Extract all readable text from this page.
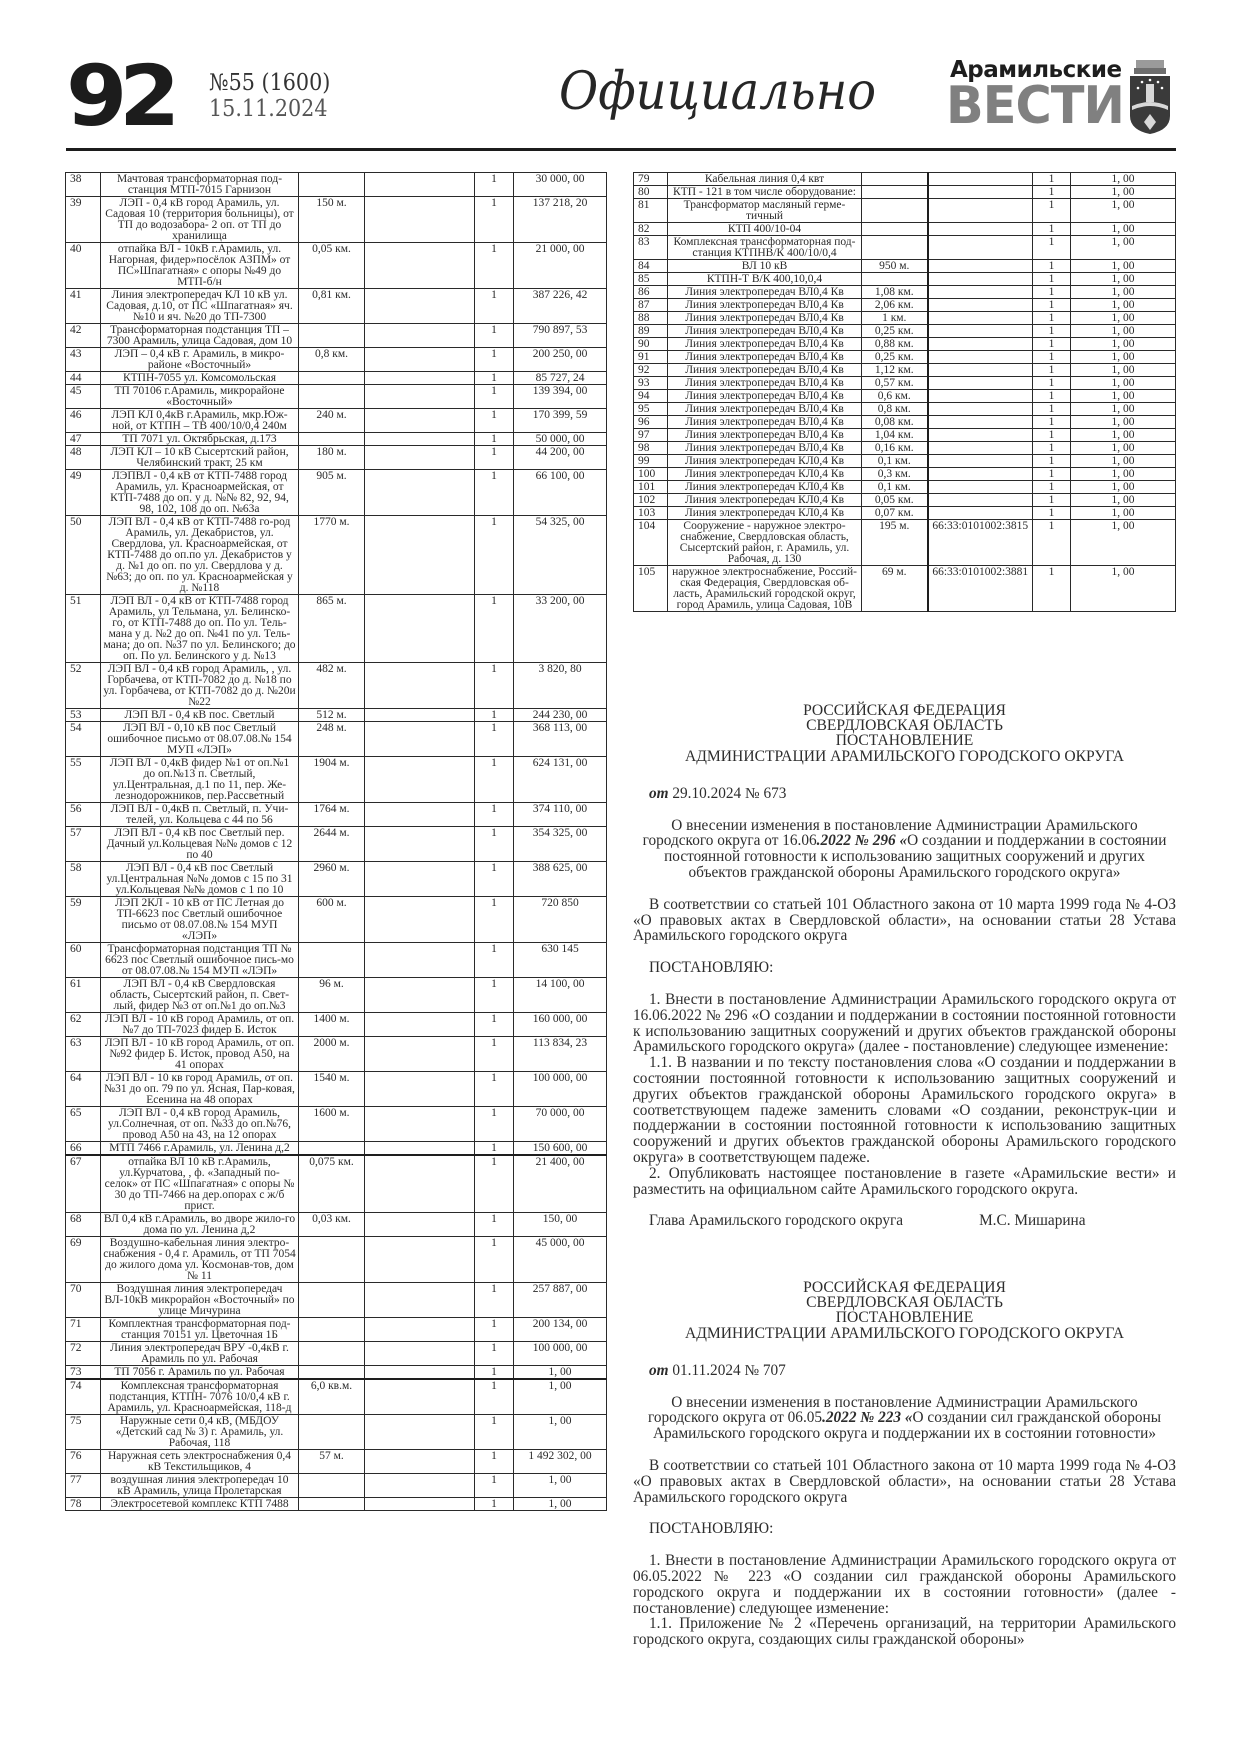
92 №55 (1600)
15.11.2024	Официально	Арамильские
ВЕСТИ
38	Мачтовая трансформаторная под-станция МТП-7015 Гарнизон			1	30 000, 00
39	ЛЭП - 0,4 кВ город Арамиль, ул. Садовая 10 (территория больницы), от ТП до водозабора- 2 оп. от ТП до хранилища	150 м.		1	137 218, 20
40	отпайка ВЛ - 10кВ г.Арамиль, ул. Нагорная, фидер»посёлок АЗПМ» от ПС»Шпагатная» с опоры №49 до МТП-б/н	0,05 км.		1	21 000, 00
41	Линия электропередач КЛ 10 кВ ул. Садовая, д.10, от ПС «Шпагатная» яч. №10 и яч. №20 до ТП-7300	0,81 км.		1	387 226, 42
42	Трансформаторная подстанция ТП – 7300 Арамиль, улица Садовая, дом 10			1	790 897, 53
43	ЛЭП – 0,4 кВ г. Арамиль, в микро-районе «Восточный»	0,8 км.		1	200 250, 00
44	КТПН-7055 ул. Комсомольская			1	85 727, 24
45	ТП 70106 г.Арамиль, микрорайоне «Восточный»			1	139 394, 00
46	ЛЭП КЛ 0,4кВ г.Арамиль, мкр.Юж-ной, от КТПН – ТВ 400/10/0,4 240м	240 м.		1	170 399, 59
47	ТП 7071 ул. Октябрьская, д.173			1	50 000, 00
48	ЛЭП КЛ – 10 кВ Сысертский район, Челябинский тракт, 25 км	180 м.		1	44 200, 00
49	ЛЭПВЛ - 0,4 кВ от КТП-7488 город Арамиль, ул. Красноармейская, от КТП-7488 до оп. у д. №№ 82, 92, 94, 98, 102, 108 до оп. №63а	905 м.		1	66 100, 00
50	ЛЭП ВЛ - 0,4 кВ от КТП-7488 го-род Арамиль, ул. Декабристов, ул. Свердлова, ул. Красноармейская, от КТП-7488 до оп.по ул. Декабристов у д. №1 до оп. по ул. Свердлова у д. №63; до оп. по ул. Красноармейская у д. №118	1770 м.		1	54 325, 00
51	ЛЭП ВЛ - 0,4 кВ от КТП-7488 город Арамиль, ул Тельмана, ул. Белинско-го, от КТП-7488 до оп. По ул. Тель-мана у д. №2 до оп. №41 по ул. Тель-мана; до оп. №37 по ул. Белинского; до оп. По ул. Белинского у д. №13	865 м.		1	33 200, 00
52	ЛЭП ВЛ - 0,4 кВ город Арамиль, , ул. Горбачева, от КТП-7082 до д. №18 по ул. Горбачева, от КТП-7082 до д. №20и №22	482 м.		1	3 820, 80
53	ЛЭП ВЛ - 0,4 кВ пос. Светлый	512 м.		1	244 230, 00
54	ЛЭП ВЛ - 0,10 кВ пос Светлый ошибочное письмо от 08.07.08.№ 154 МУП «ЛЭП»	248 м.		1	368 113, 00
55	ЛЭП ВЛ - 0,4кВ фидер №1 от оп.№1 до оп.№13 п. Светлый, ул.Центральная, д.1 по 11, пер. Же-лезнодорожников, пер.Рассветный	1904 м.		1	624 131, 00
56	ЛЭП ВЛ - 0,4кВ п. Светлый, п. Учи-телей, ул. Кольцева с 44 по 56	1764 м.		1	374 110, 00
57	ЛЭП ВЛ - 0,4 кВ пос Светлый пер. Дачный ул.Кольцевая №№ домов с 12 по 40	2644 м.		1	354 325, 00
58	ЛЭП ВЛ - 0,4 кВ пос Светлый ул.Центральная №№ домов с 15 по 31 ул.Кольцевая №№ домов с 1 по 10	2960 м.		1	388 625, 00
59	ЛЭП 2КЛ - 10 кВ от ПС Летная до ТП-6623 пос Светлый ошибочное письмо от 08.07.08.№ 154 МУП «ЛЭП»	600 м.		1	720 850
60	Трансформаторная подстанция ТП № 6623 пос Светлый ошибочное пись-мо от 08.07.08.№ 154 МУП «ЛЭП»			1	630 145
61	ЛЭП ВЛ - 0,4 кВ Свердловская область, Сысертский район, п. Свет-лый, фидер №3 от оп.№1 до оп.№3	96 м.		1	14 100, 00
62	ЛЭП ВЛ - 10 кВ город Арамиль, от оп. №7 до ТП-7023 фидер Б. Исток	1400 м.		1	160 000, 00
63	ЛЭП ВЛ - 10 кВ город Арамиль, от оп. №92 фидер Б. Исток, провод А50, на 41 опорах	2000 м.		1	113 834, 23
64	ЛЭП ВЛ - 10 кв город Арамиль, от оп. №31 до оп. 79 по ул. Ясная, Пар-ковая, Есенина на 48 опорах	1540 м.		1	100 000, 00
65	ЛЭП ВЛ - 0,4 кВ город Арамиль, ул.Солнечная, от оп. №33 до оп.№76, провод А50 на 43, на 12 опорах	1600 м.		1	70 000, 00
66	МТП 7466 г.Арамиль, ул. Ленина д,2			1	150 600, 00
67	отпайка ВЛ 10 кВ г.Арамиль, ул.Курчатова, , ф. «Западный по-селок» от ПС «Шпагатная» с опоры № 30 до ТП-7466 на дер.опорах с ж/б прист.	0,075 км.		1	21 400, 00
68	ВЛ 0,4 кВ г.Арамиль, во дворе жило-го дома по ул. Ленина д,2	0,03 км.		1	150, 00
69	Воздушно-кабельная линия электро-снабжения - 0,4 г. Арамиль, от ТП 7054 до жилого дома ул. Космонав-тов, дом № 11			1	45 000, 00
70	Воздушная линия электропередач ВЛ-10кВ микрорайон «Восточный» по улице Мичурина			1	257 887, 00
71	Комплектная трансформаторная под-станция 70151 ул. Цветочная 1Б			1	200 134, 00
72	Линия электропередач ВРУ -0,4кВ г. Арамиль по ул. Рабочая			1	100 000, 00
73	ТП 7056 г. Арамиль по ул. Рабочая			1	1, 00
74	Комплексная трансформаторная подстанция, КТПН- 7076 10/0,4 кВ г. Арамиль, ул. Красноармейская, 118-д	6,0 кв.м.		1	1, 00
75	Наружные сети 0,4 кВ, (МБДОУ «Детский сад № 3) г. Арамиль, ул. Рабочая, 118			1	1, 00
76	Наружная сеть электроснабжения 0,4 кВ Текстильщиков, 4	57 м.		1	1 492 302, 00
77	воздушная линия электропередач 10 кВ Арамиль, улица Пролетарская			1	1, 00
78	Электросетевой комплекс КТП 7488			1	1, 00
79	Кабельная линия 0,4 квт			1	1, 00
80	КТП - 121 в том числе оборудование:			1	1, 00
81	Трансформатор масляный герме-тичный			1	1, 00
82	КТП 400/10-04			1	1, 00
83	Комплексная трансформаторная под-станция КТПНВ/К 400/10/0,4			1	1, 00
84	ВЛ 10 кВ	950 м.		1	1, 00
85	КТПН-Т В/К 400,10,0,4			1	1, 00
86	Линия электропередач ВЛ0,4 Кв	1,08 км.		1	1, 00
87	Линия электропередач ВЛ0,4 Кв	2,06 км.		1	1, 00
88	Линия электропередач ВЛ0,4 Кв	1 км.		1	1, 00
89	Линия электропередач ВЛ0,4 Кв	0,25 км.		1	1, 00
90	Линия электропередач ВЛ0,4 Кв	0,88 км.		1	1, 00
91	Линия электропередач ВЛ0,4 Кв	0,25 км.		1	1, 00
92	Линия электропередач ВЛ0,4 Кв	1,12 км.		1	1, 00
93	Линия электропередач ВЛ0,4 Кв	0,57 км.		1	1, 00
94	Линия электропередач ВЛ0,4 Кв	0,6 км.		1	1, 00
95	Линия электропередач ВЛ0,4 Кв	0,8 км.		1	1, 00
96	Линия электропередач ВЛ0,4 Кв	0,08 км.		1	1, 00
97	Линия электропередач ВЛ0,4 Кв	1,04 км.		1	1, 00
98	Линия электропередач ВЛ0,4 Кв	0,16 км.		1	1, 00
99	Линия электропередач КЛ0,4 Кв	0,1 км.		1	1, 00
100	Линия электропередач КЛ0,4 Кв	0,3 км.		1	1, 00
101	Линия электропередач КЛ0,4 Кв	0,1 км.		1	1, 00
102	Линия электропередач КЛ0,4 Кв	0,05 км.		1	1, 00
103	Линия электропередач КЛ0,4 Кв	0,07 км.		1	1, 00
104	Сооружение - наружное электро-снабжение, Свердловская область, Сысертский район, г. Арамиль, ул. Рабочая, д. 130	195 м.	66:33:0101002:3815	1	1, 00
105	наружное электроснабжение, Россий-ская Федерация, Свердловская об-ласть, Арамильский городской округ, город Арамиль, улица Садовая, 10В	69 м.	66:33:0101002:3881	1	1, 00
РОССИЙСКАЯ ФЕДЕРАЦИЯ
СВЕРДЛОВСКАЯ ОБЛАСТЬ
ПОСТАНОВЛЕНИЕ
АДМИНИСТРАЦИИ АРАМИЛЬСКОГО ГОРОДСКОГО ОКРУГА

от 29.10.2024 № 673

О внесении изменения в постановление Администрации Арамильского городского округа от 16.06.2022 № 296 «О создании и поддержании в состоянии постоянной готовности к использованию защитных сооружений и других объектов гражданской обороны Арамильского городского округа»

В соответствии со статьей 101 Областного закона от 10 марта 1999 года № 4-ОЗ «О правовых актах в Свердловской области», на основании статьи 28 Устава Арамильского городского округа

ПОСТАНОВЛЯЮ:

1. Внести в постановление Администрации Арамильского городского округа от 16.06.2022 № 296 «О создании и поддержании в состоянии постоянной готовности к использованию защитных сооружений и других объектов гражданской обороны Арамильского городского округа» (далее - постановление) следующее изменение:

1.1. В названии и по тексту постановления слова «О создании и поддержании в состоянии постоянной готовности к использованию защитных сооружений и других объектов гражданской обороны Арамильского городского округа» в соответствующем падеже заменить словами «О создании, реконструк-ции и поддержании в состоянии постоянной готовности к использованию защитных сооружений и других объектов гражданской обороны Арамильского городского округа» в соответствующем падеже.

2. Опубликовать настоящее постановление в газете «Арамильские вести» и разместить на официальном сайте Арамильского городского округа.

Глава Арамильского городского округа	М.С. Мишарина

РОССИЙСКАЯ ФЕДЕРАЦИЯ
СВЕРДЛОВСКАЯ ОБЛАСТЬ
ПОСТАНОВЛЕНИЕ
АДМИНИСТРАЦИИ АРАМИЛЬСКОГО ГОРОДСКОГО ОКРУГА

от 01.11.2024 № 707

О внесении изменения в постановление Администрации Арамильского городского округа от 06.05.2022 № 223 «О создании сил гражданской обороны Арамильского городского округа и поддержании их в состоянии готовности»

В соответствии со статьей 101 Областного закона от 10 марта 1999 года № 4-ОЗ «О правовых актах в Свердловской области», на основании статьи 28 Устава Арамильского городского округа

ПОСТАНОВЛЯЮ:

1. Внести в постановление Администрации Арамильского городского округа от 06.05.2022 № 223 «О создании сил гражданской обороны Арамильского городского округа и поддержании их в состоянии готовности» (далее - постановление) следующее изменение:

1.1. Приложение № 2 «Перечень организаций, на территории Арамильского городского округа, создающих силы гражданской обороны»
